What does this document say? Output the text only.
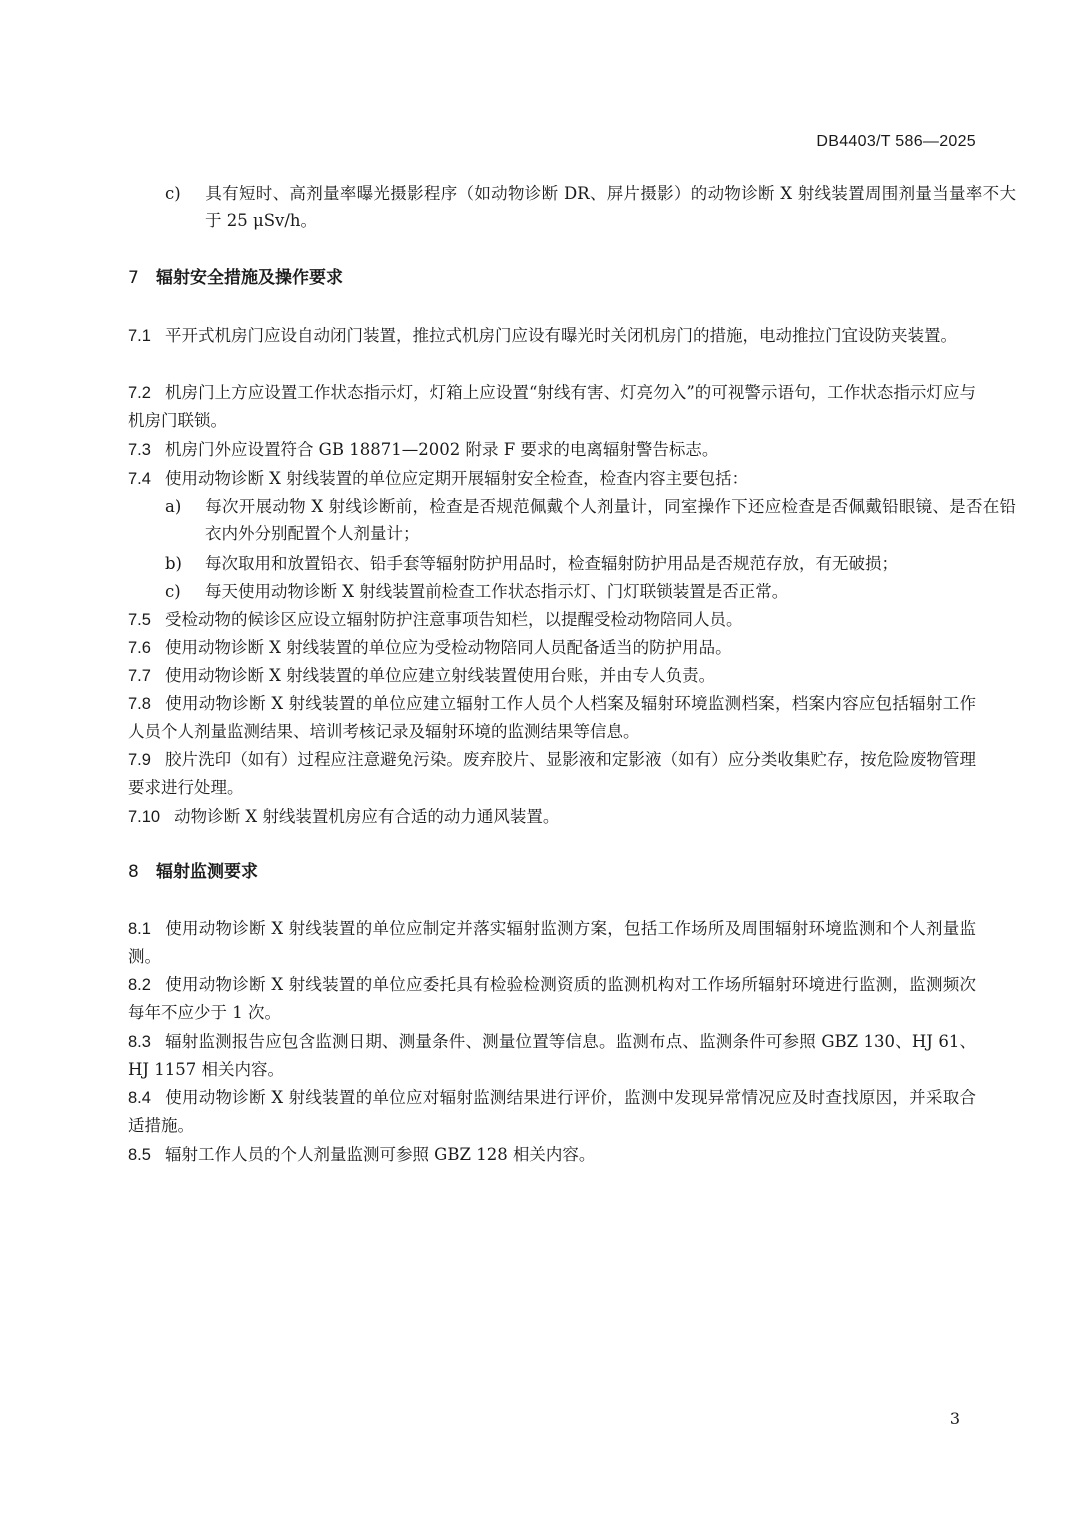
DB4403/T 586—2025
c) 具有短时、高剂量率曝光摄影程序（如动物诊断 DR、屏片摄影）的动物诊断 X 射线装置周围剂量当量率不大于 25 μSv/h。
7 辐射安全措施及操作要求
7.1 平开式机房门应设自动闭门装置，推拉式机房门应设有曝光时关闭机房门的措施，电动推拉门宜设防夹装置。
7.2 机房门上方应设置工作状态指示灯，灯箱上应设置“射线有害、灯亮勿入”的可视警示语句，工作状态指示灯应与机房门联锁。
7.3 机房门外应设置符合 GB 18871—2002 附录 F 要求的电离辐射警告标志。
7.4 使用动物诊断 X 射线装置的单位应定期开展辐射安全检查，检查内容主要包括：
a) 每次开展动物 X 射线诊断前，检查是否规范佩戴个人剂量计，同室操作下还应检查是否佩戴铅眼镜、是否在铅衣内外分别配置个人剂量计；
b) 每次取用和放置铅衣、铅手套等辐射防护用品时，检查辐射防护用品是否规范存放，有无破损；
c) 每天使用动物诊断 X 射线装置前检查工作状态指示灯、门灯联锁装置是否正常。
7.5 受检动物的候诊区应设立辐射防护注意事项告知栏，以提醒受检动物陪同人员。
7.6 使用动物诊断 X 射线装置的单位应为受检动物陪同人员配备适当的防护用品。
7.7 使用动物诊断 X 射线装置的单位应建立射线装置使用台账，并由专人负责。
7.8 使用动物诊断 X 射线装置的单位应建立辐射工作人员个人档案及辐射环境监测档案，档案内容应包括辐射工作人员个人剂量监测结果、培训考核记录及辐射环境的监测结果等信息。
7.9 胶片洗印（如有）过程应注意避免污染。废弃胶片、显影液和定影液（如有）应分类收集贮存，按危险废物管理要求进行处理。
7.10 动物诊断 X 射线装置机房应有合适的动力通风装置。
8 辐射监测要求
8.1 使用动物诊断 X 射线装置的单位应制定并落实辐射监测方案，包括工作场所及周围辐射环境监测和个人剂量监测。
8.2 使用动物诊断 X 射线装置的单位应委托具有检验检测资质的监测机构对工作场所辐射环境进行监测，监测频次每年不应少于 1 次。
8.3 辐射监测报告应包含监测日期、测量条件、测量位置等信息。监测布点、监测条件可参照 GBZ 130、HJ 61、HJ 1157 相关内容。
8.4 使用动物诊断 X 射线装置的单位应对辐射监测结果进行评价，监测中发现异常情况应及时查找原因，并采取合适措施。
8.5 辐射工作人员的个人剂量监测可参照 GBZ 128 相关内容。
3
